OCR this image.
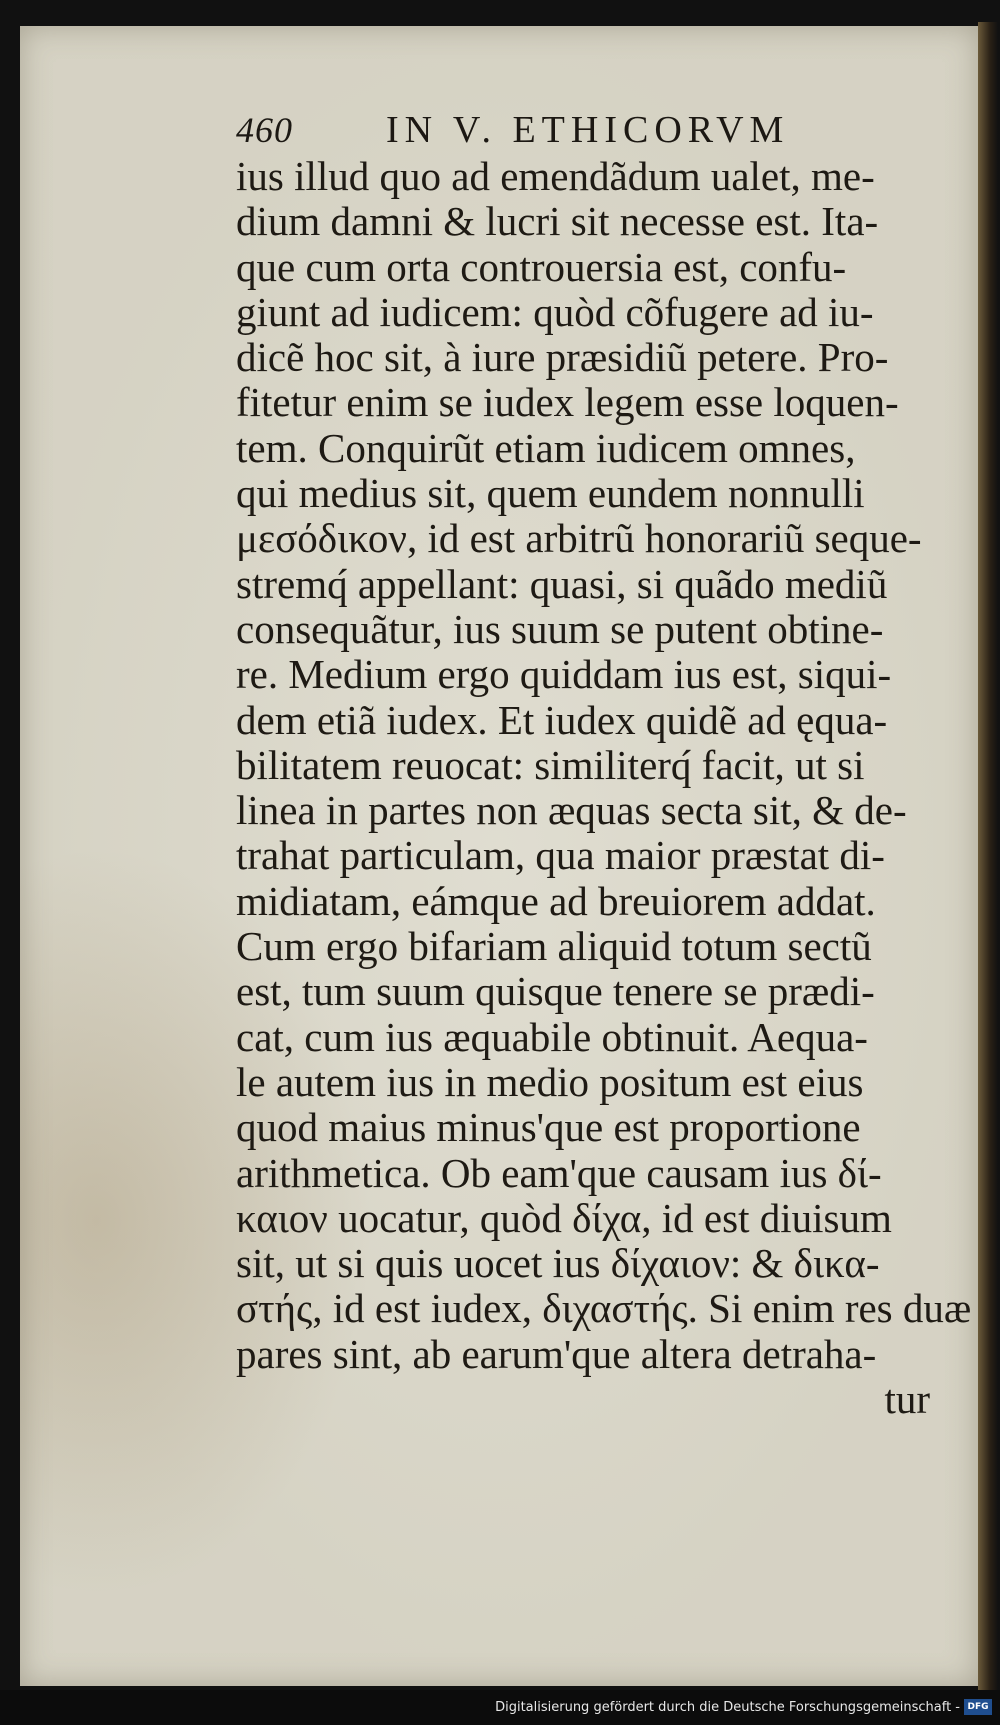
460	IN V. ETHICORVM
ius illud quo ad emendãdum ualet, me-
dium damni & lucri sit necesse est. Ita-
que cum orta controuersia est, confu-
giunt ad iudicem: quòd cõfugere ad iu-
dicẽ hoc sit, à iure præsidiũ petere. Pro-
fitetur enim se iudex legem esse loquen-
tem. Conquirũt etiam iudicem omnes,
qui medius sit, quem eundem nonnulli
μεσόδικον, id est arbitrũ honorariũ seque-
stremq́ appellant: quasi, si quãdo mediũ
consequãtur, ius suum se putent obtine-
re. Medium ergo quiddam ius est, siqui-
dem etiã iudex. Et iudex quidẽ ad ęqua-
bilitatem reuocat: similiterq́ facit, ut si
linea in partes non æquas secta sit, & de-
trahat particulam, qua maior præstat di-
midiatam, eámque ad breuiorem addat.
Cum ergo bifariam aliquid totum sectũ
est, tum suum quisque tenere se prædi-
cat, cum ius æquabile obtinuit. Aequa-
le autem ius in medio positum est eius
quod maius minus'que est proportione
arithmetica. Ob eam'que causam ius δί-
καιον uocatur, quòd δίχα, id est diuisum
sit, ut si quis uocet ius δίχαιον: & δικα-
στής, id est iudex, διχαστής. Si enim res duæ
pares sint, ab earum'que altera detraha-
tur
Digitalisierung gefördert durch die Deutsche Forschungsgemeinschaft - DFG
